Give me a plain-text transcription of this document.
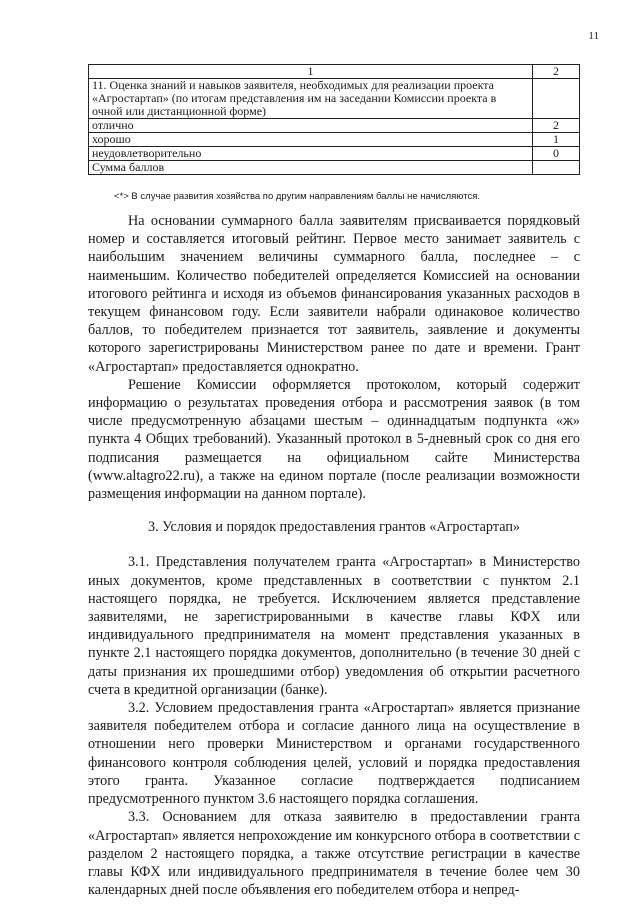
11
1	2
11. Оценка знаний и навыков заявителя, необходимых для реализации проекта «Агростартап» (по итогам представления им на заседании Комиссии проекта в очной или дистанционной форме)	
отлично	2
хорошо	1
неудовлетворительно	0
Сумма баллов	
<*> В случае развития хозяйства по другим направлениям баллы не начисляются.

На основании суммарного балла заявителям присваивается порядковый номер и составляется итоговый рейтинг. Первое место занимает заявитель с наибольшим значением величины суммарного балла, последнее – с наименьшим. Количество победителей определяется Комиссией на основании итогового рейтинга и исходя из объемов финансирования указанных расходов в текущем финансовом году. Если заявители набрали одинаковое количество баллов, то победителем признается тот заявитель, заявление и документы которого зарегистрированы Министерством ранее по дате и времени. Грант «Агростартап» предоставляется однократно.

Решение Комиссии оформляется протоколом, который содержит информацию о результатах проведения отбора и рассмотрения заявок (в том числе предусмотренную абзацами шестым – одиннадцатым подпункта «ж» пункта 4 Общих требований). Указанный протокол в 5-дневный срок со дня его подписания размещается на официальном сайте Министерства (www.altagro22.ru), а также на едином портале (после реализации возможности размещения информации на данном портале).

3. Условия и порядок предоставления грантов «Агростартап»

3.1. Представления получателем гранта «Агростартап» в Министерство иных документов, кроме представленных в соответствии с пунктом 2.1 настоящего порядка, не требуется. Исключением является представление заявителями, не зарегистрированными в качестве главы КФХ или индивидуального предпринимателя на момент представления указанных в пункте 2.1 настоящего порядка документов, дополнительно (в течение 30 дней с даты признания их прошедшими отбор) уведомления об открытии расчетного счета в кредитной организации (банке).

3.2. Условием предоставления гранта «Агростартап» является признание заявителя победителем отбора и согласие данного лица на осуществление в отношении него проверки Министерством и органами государственного финансового контроля соблюдения целей, условий и порядка предоставления этого гранта. Указанное согласие подтверждается подписанием предусмотренного пунктом 3.6 настоящего порядка соглашения.

3.3. Основанием для отказа заявителю в предоставлении гранта «Агростартап» является непрохождение им конкурсного отбора в соответствии с разделом 2 настоящего порядка, а также отсутствие регистрации в качестве главы КФХ или индивидуального предпринимателя в течение более чем 30 календарных дней после объявления его победителем отбора и непред-
